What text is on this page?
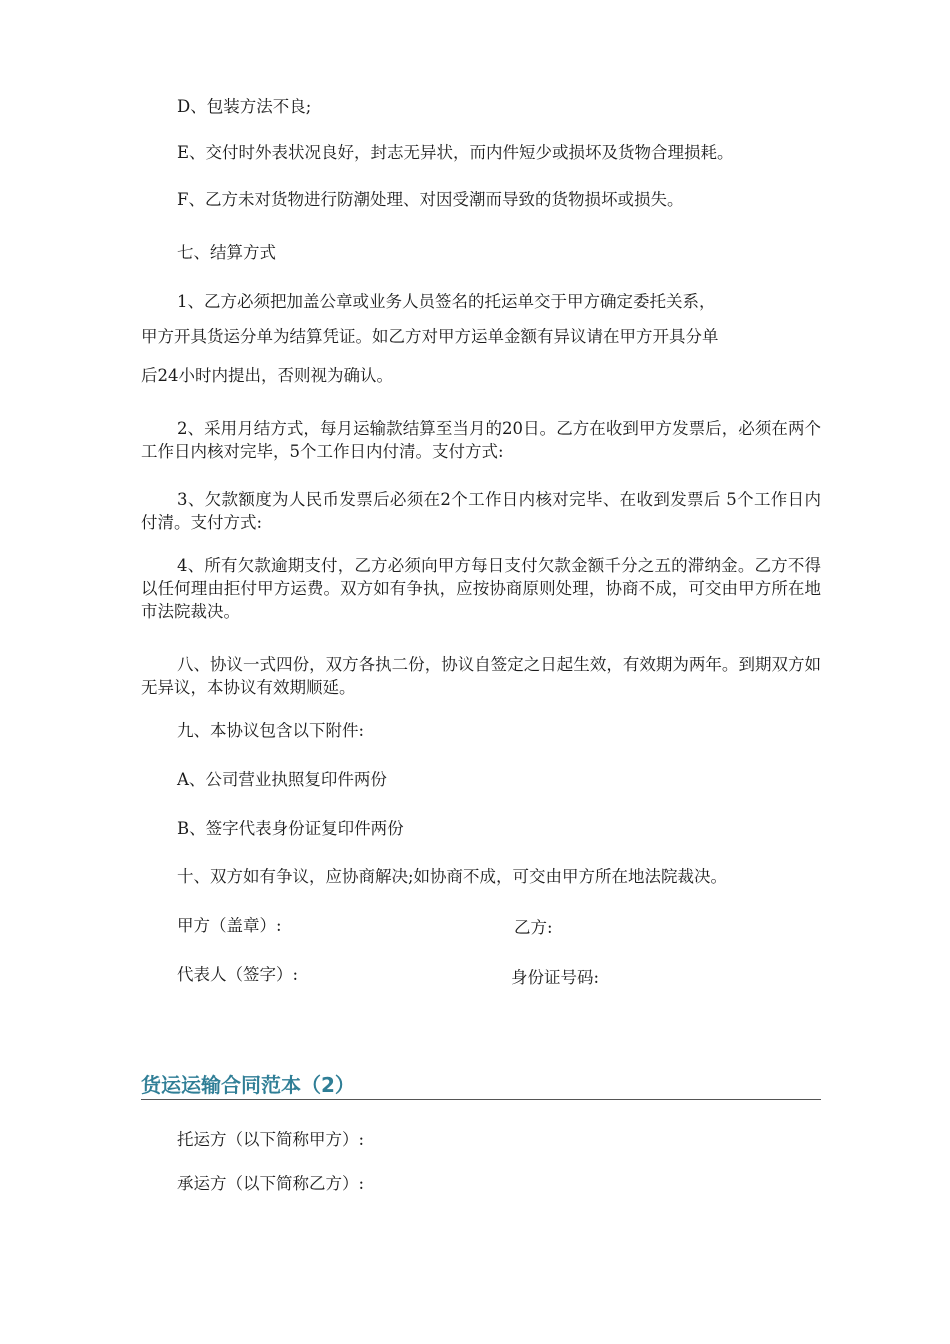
D、包装方法不良;

E、交付时外表状况良好，封志无异状，而内件短少或损坏及货物合理损耗。

F、乙方未对货物进行防潮处理、对因受潮而导致的货物损坏或损失。

七、结算方式

1、乙方必须把加盖公章或业务人员签名的托运单交于甲方确定委托关系，

甲方开具货运分单为结算凭证。如乙方对甲方运单金额有异议请在甲方开具分单

后24小时内提出，否则视为确认。

2、采用月结方式，每月运输款结算至当月的20日。乙方在收到甲方发票后，必须在两个工作日内核对完毕，5个工作日内付清。支付方式:

3、欠款额度为人民币发票后必须在2个工作日内核对完毕、在收到发票后 5个工作日内付清。支付方式:

4、所有欠款逾期支付，乙方必须向甲方每日支付欠款金额千分之五的滞纳金。乙方不得以任何理由拒付甲方运费。双方如有争执，应按协商原则处理，协商不成，可交由甲方所在地市法院裁决。

八、协议一式四份，双方各执二份，协议自签定之日起生效，有效期为两年。到期双方如无异议，本协议有效期顺延。

九、本协议包含以下附件:

A、公司营业执照复印件两份

B、签字代表身份证复印件两份

十、双方如有争议，应协商解决;如协商不成，可交由甲方所在地法院裁决。

甲方（盖章）:	乙方:

代表人（签字）:	身份证号码:

货运运输合同范本（2）

托运方（以下简称甲方）:

承运方（以下简称乙方）:
